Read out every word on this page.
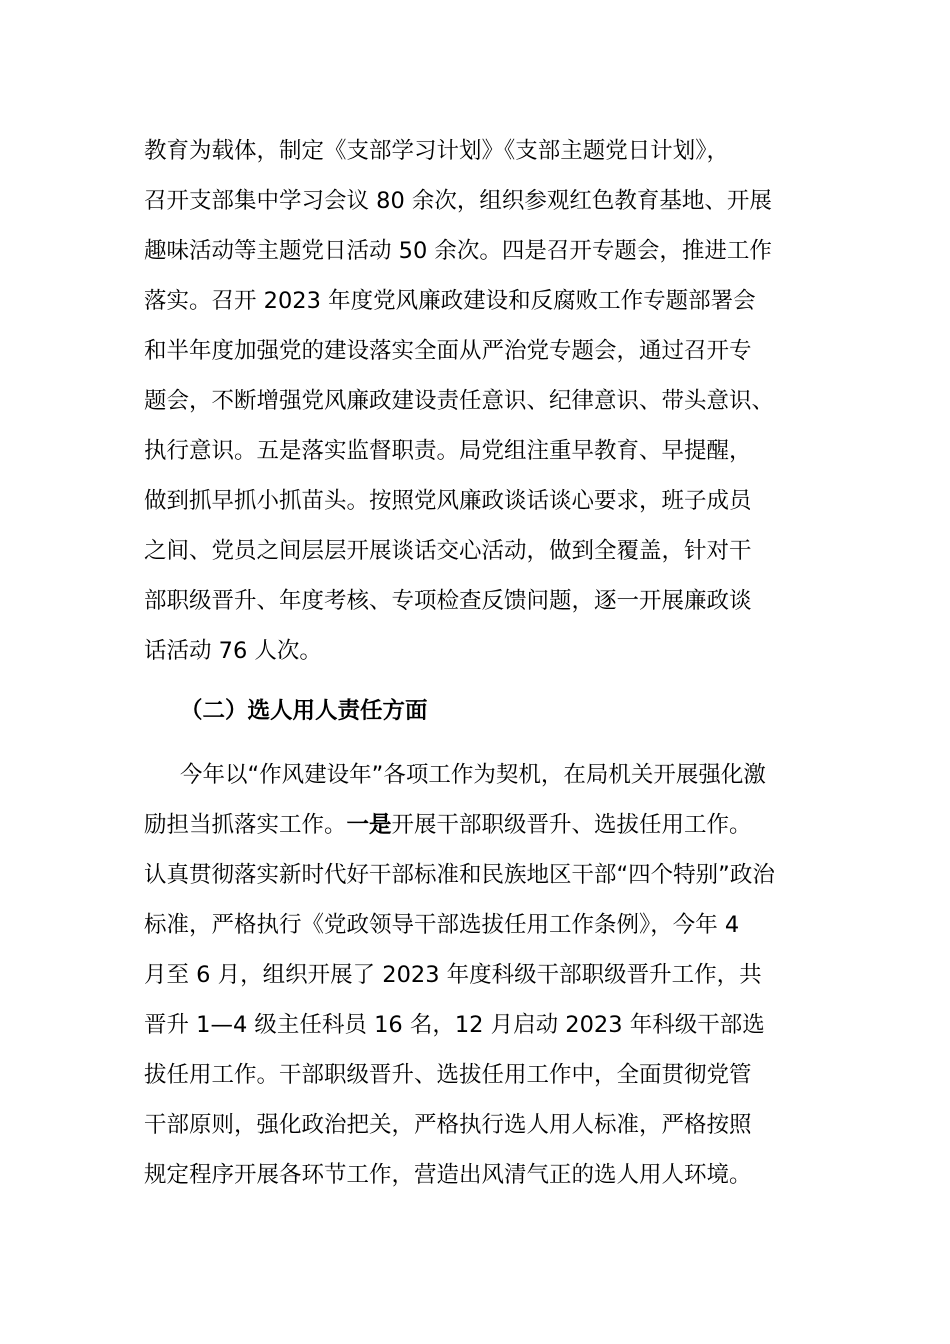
教育为载体，制定《支部学习计划》《支部主题党日计划》，
召开支部集中学习会议 80 余次，组织参观红色教育基地、开展
趣味活动等主题党日活动 50 余次。四是召开专题会，推进工作
落实。召开 2023 年度党风廉政建设和反腐败工作专题部署会
和半年度加强党的建设落实全面从严治党专题会，通过召开专
题会，不断增强党风廉政建设责任意识、纪律意识、带头意识、
执行意识。五是落实监督职责。局党组注重早教育、早提醒，
做到抓早抓小抓苗头。按照党风廉政谈话谈心要求，班子成员
之间、党员之间层层开展谈话交心活动，做到全覆盖，针对干
部职级晋升、年度考核、专项检查反馈问题，逐一开展廉政谈
话活动 76 人次。
（二）选人用人责任方面
今年以“作风建设年”各项工作为契机，在局机关开展强化激
励担当抓落实工作。一是开展干部职级晋升、选拔任用工作。
认真贯彻落实新时代好干部标准和民族地区干部“四个特别”政治
标准，严格执行《党政领导干部选拔任用工作条例》，今年 4
月至 6 月，组织开展了 2023 年度科级干部职级晋升工作，共
晋升 1—4 级主任科员 16 名，12 月启动 2023 年科级干部选
拔任用工作。干部职级晋升、选拔任用工作中，全面贯彻党管
干部原则，强化政治把关，严格执行选人用人标准，严格按照
规定程序开展各环节工作，营造出风清气正的选人用人环境。
